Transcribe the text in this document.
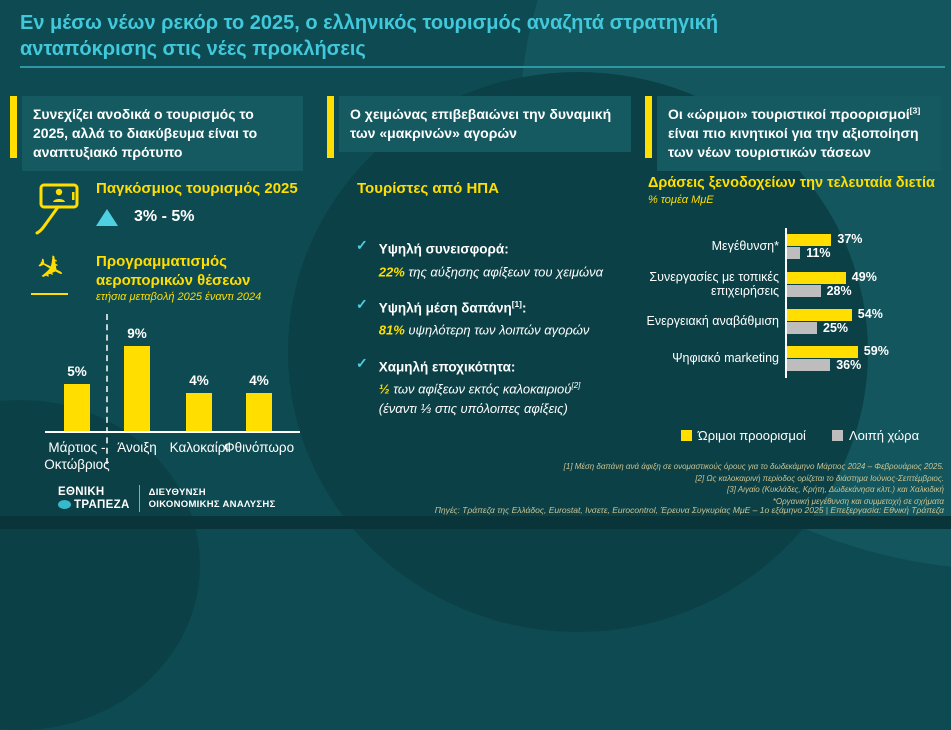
Εν μέσω νέων ρεκόρ το 2025, ο ελληνικός τουρισμός αναζητά στρατηγική ανταπόκρισης στις νέες προκλήσεις
Συνεχίζει ανοδικά ο τουρισμός το 2025, αλλά το διακύβευμα είναι το αναπτυξιακό πρότυπο
Ο χειμώνας επιβεβαιώνει την δυναμική των «μακρινών» αγορών
Οι «ώριμοι» τουριστικοί προορισμοί[3] είναι πιο κινητικοί για την αξιοποίηση των νέων τουριστικών τάσεων
Παγκόσμιος τουρισμός 2025
3% - 5%
✈	Προγραμματισμός
αεροπορικών θέσεων
ετήσια μεταβολή 2025 έναντι 2024
5%
Μάρτιος - Οκτώβριος
9%
Άνοιξη
4%
Καλοκαίρι
4%
Φθινόπωρο
Τουρίστες από ΗΠΑ
✓ Υψηλή συνεισφορά:
22% της αύξησης αφίξεων του χειμώνα
✓ Υψηλή μέση δαπάνη[1]:
81% υψηλότερη των λοιπών αγορών
✓ Χαμηλή εποχικότητα:
½ των αφίξεων εκτός καλοκαιριού[2]
(έναντι ⅓ στις υπόλοιπες αφίξεις)
Δράσεις ξενοδοχείων την τελευταία διετία
% τομέα ΜμΕ
Μεγέθυνση*	37%
11%
Συνεργασίες με τοπικές επιχειρήσεις
49%
28%
Ενεργειακή αναβάθμιση	54%
25%
Ψηφιακό marketing	59%
36%
Ώριμοι προορισμοί	Λοιπή χώρα
[1] Μέση δαπάνη ανά άφιξη σε ονομαστικούς όρους για το δωδεκάμηνο Μάρτιος 2024 – Φεβρουάριος 2025.
[2] Ως καλοκαιρινή περίοδος ορίζεται το διάστημα Ιούνιος-Σεπτέμβριος.
[3] Αιγαίο (Κυκλάδες, Κρήτη, Δωδεκάνησα κλπ.) και Χαλκιδική
*Οργανική μεγέθυνση και συμμετοχή σε σχήματα
Πηγές: Τράπεζα της Ελλάδος, Eurostat, Ινσετε, Eurocontrol, Έρευνα Συγκυρίας ΜμΕ – 1ο εξάμηνο 2025 | Επεξεργασία: Εθνική Τράπεζα
ΕΘΝΙΚΗ
ΤΡΑΠΕΖΑ
ΔΙΕΥΘΥΝΣΗ
ΟΙΚΟΝΟΜΙΚΗΣ ΑΝΑΛΥΣΗΣ
